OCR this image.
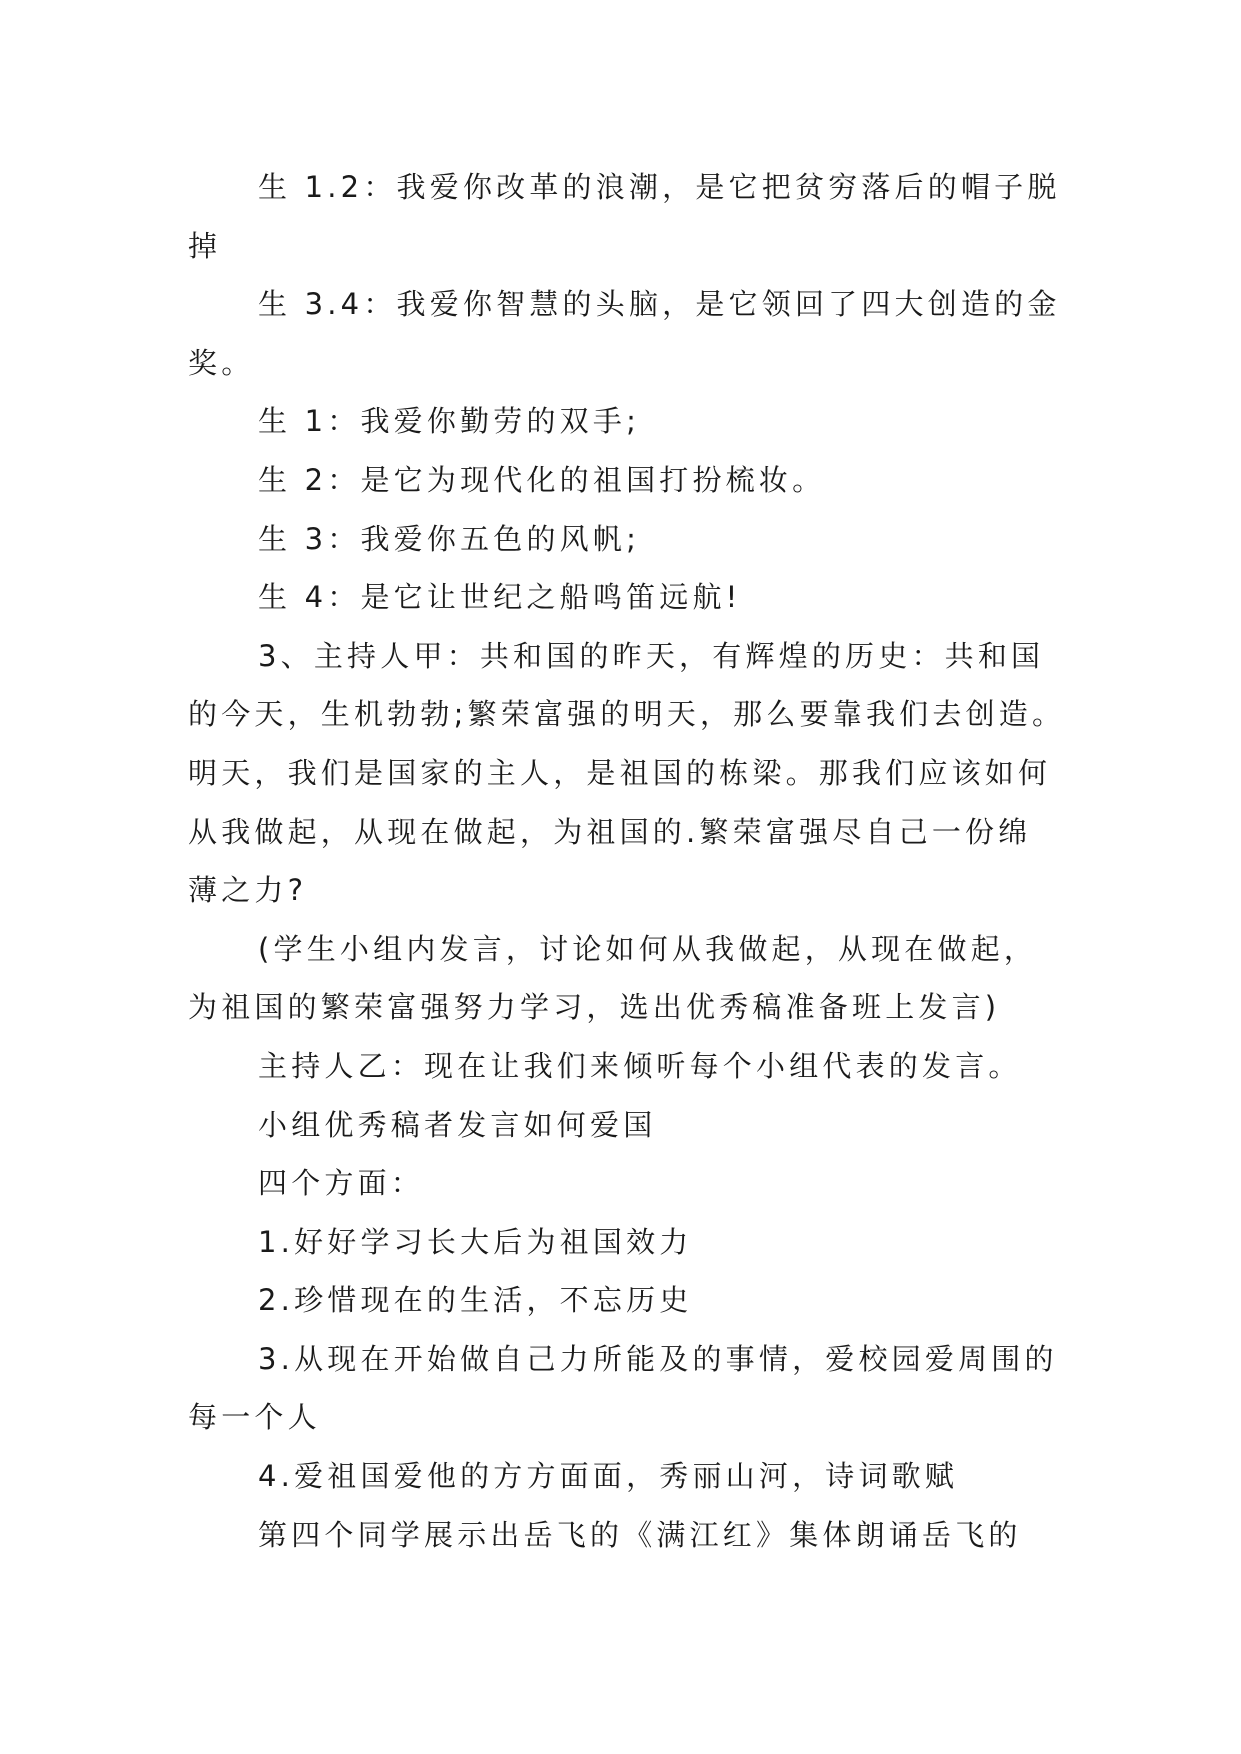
生 1.2：我爱你改革的浪潮，是它把贫穷落后的帽子脱
掉
生 3.4：我爱你智慧的头脑，是它领回了四大创造的金
奖。
生 1：我爱你勤劳的双手;
生 2：是它为现代化的祖国打扮梳妆。
生 3：我爱你五色的风帆;
生 4：是它让世纪之船鸣笛远航!
3、主持人甲：共和国的昨天，有辉煌的历史：共和国
的今天，生机勃勃;繁荣富强的明天，那么要靠我们去创造。
明天，我们是国家的主人，是祖国的栋梁。那我们应该如何
从我做起，从现在做起，为祖国的.繁荣富强尽自己一份绵
薄之力?
(学生小组内发言，讨论如何从我做起，从现在做起，
为祖国的繁荣富强努力学习，选出优秀稿准备班上发言)
主持人乙：现在让我们来倾听每个小组代表的发言。
小组优秀稿者发言如何爱国
四个方面：
1.好好学习长大后为祖国效力
2.珍惜现在的生活，不忘历史
3.从现在开始做自己力所能及的事情，爱校园爱周围的
每一个人
4.爱祖国爱他的方方面面，秀丽山河，诗词歌赋
第四个同学展示出岳飞的《满江红》集体朗诵岳飞的
